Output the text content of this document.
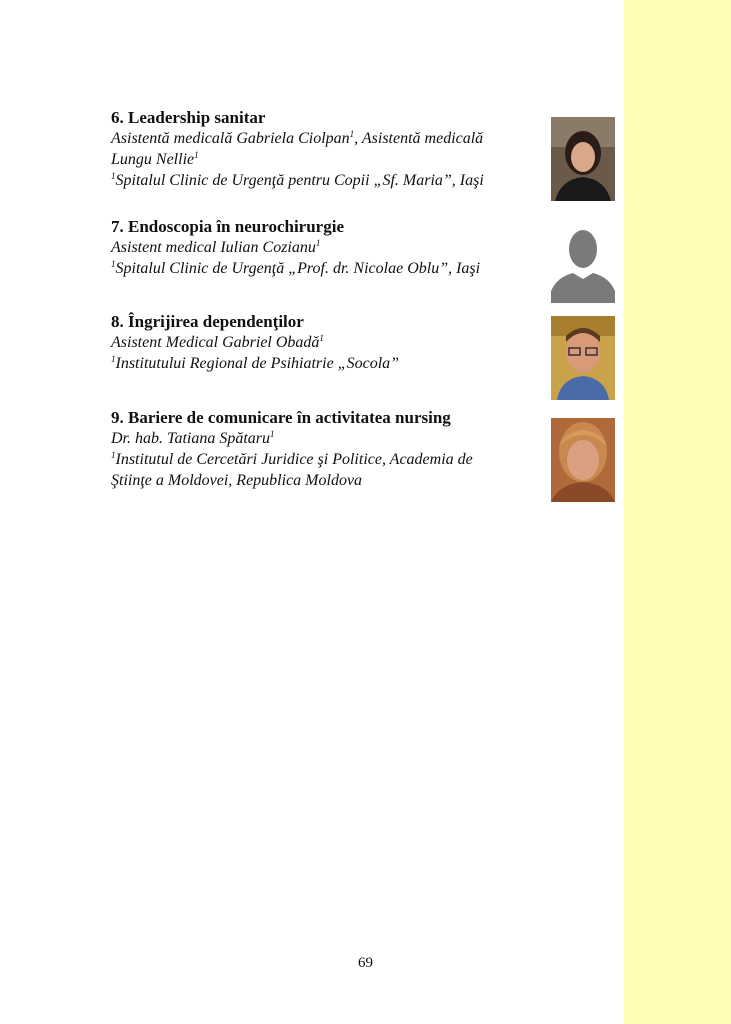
6. Leadership sanitar

Asistentă medicală Gabriela Ciolpan$^1$, Asistentă medicală

Lungu Nellie$^1$

$^1$Spitalul Clinic de Urgenţă pentru Copii „Sf. Maria”, Iaşi

7. Endoscopia în neurochirurgie

Asistent medical Iulian Cozianu$^1$

$^1$Spitalul Clinic de Urgenţă „Prof. dr. Nicolae Oblu”, Iaşi

8. Îngrijirea dependenţilor

Asistent Medical Gabriel Obadă$^1$

$^1$Institutului Regional de Psihiatrie „Socola”

9. Bariere de comunicare în activitatea nursing

Dr. hab. Tatiana Spătaru$^1$

$^1$Institutul de Cercetări Juridice şi Politice, Academia de

Ştiinţe a Moldovei, Republica Moldova

69
